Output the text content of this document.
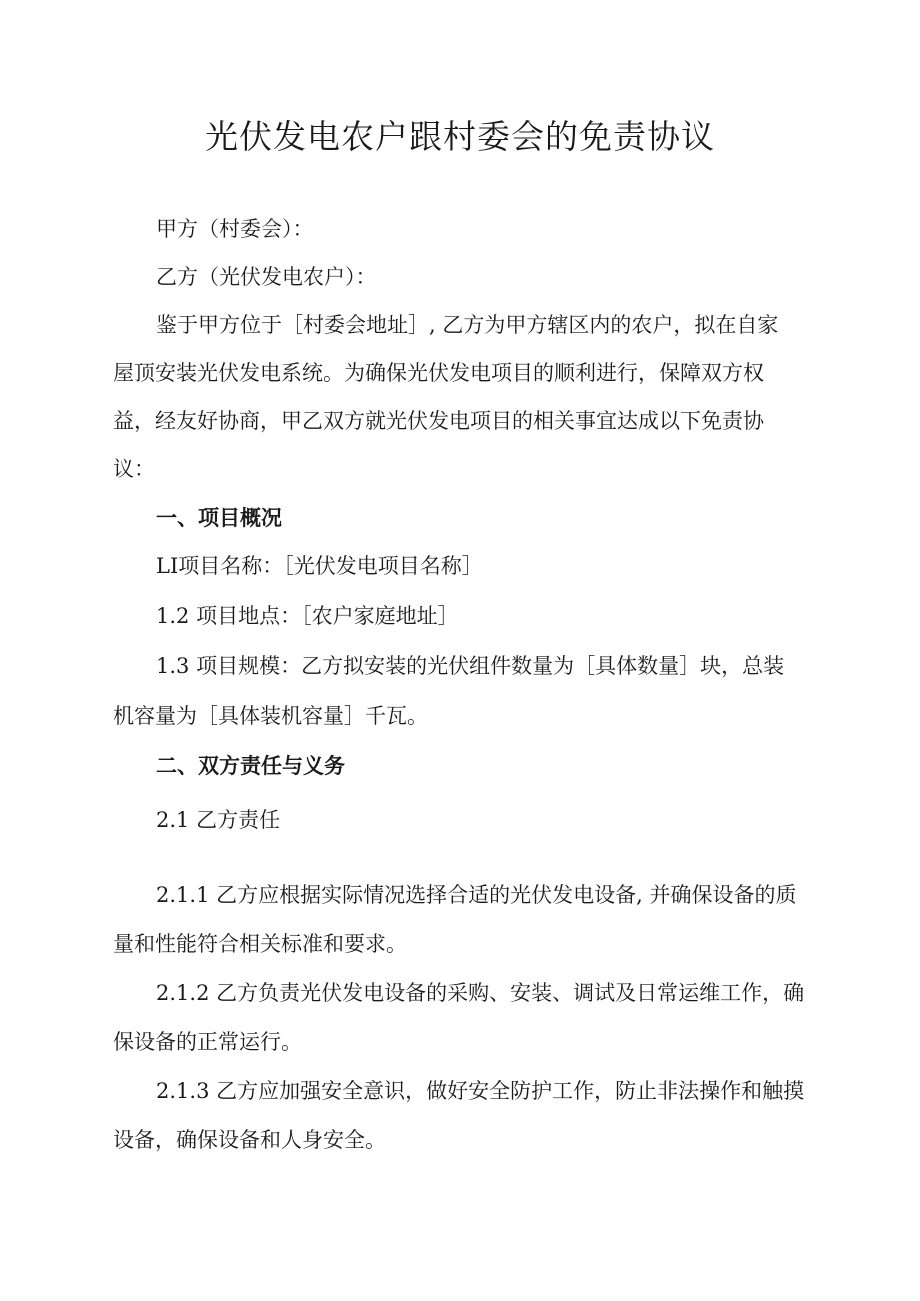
光伏发电农户跟村委会的免责协议
甲方（村委会）：
乙方（光伏发电农户）：
鉴于甲方位于［村委会地址］, 乙方为甲方辖区内的农户，拟在自家
屋顶安装光伏发电系统。为确保光伏发电项目的顺利进行，保障双方权
益，经友好协商，甲乙双方就光伏发电项目的相关事宜达成以下免责协
议：
一、项目概况
LI项目名称：［光伏发电项目名称］
1.2 项目地点：［农户家庭地址］
1.3 项目规模：乙方拟安装的光伏组件数量为［具体数量］块，总装
机容量为［具体装机容量］千瓦。
二、双方责任与义务
2.1 乙方责任
2.1.1 乙方应根据实际情况选择合适的光伏发电设备, 并确保设备的质
量和性能符合相关标准和要求。
2.1.2 乙方负责光伏发电设备的采购、安装、调试及日常运维工作，确
保设备的正常运行。
2.1.3 乙方应加强安全意识，做好安全防护工作，防止非法操作和触摸
设备，确保设备和人身安全。
